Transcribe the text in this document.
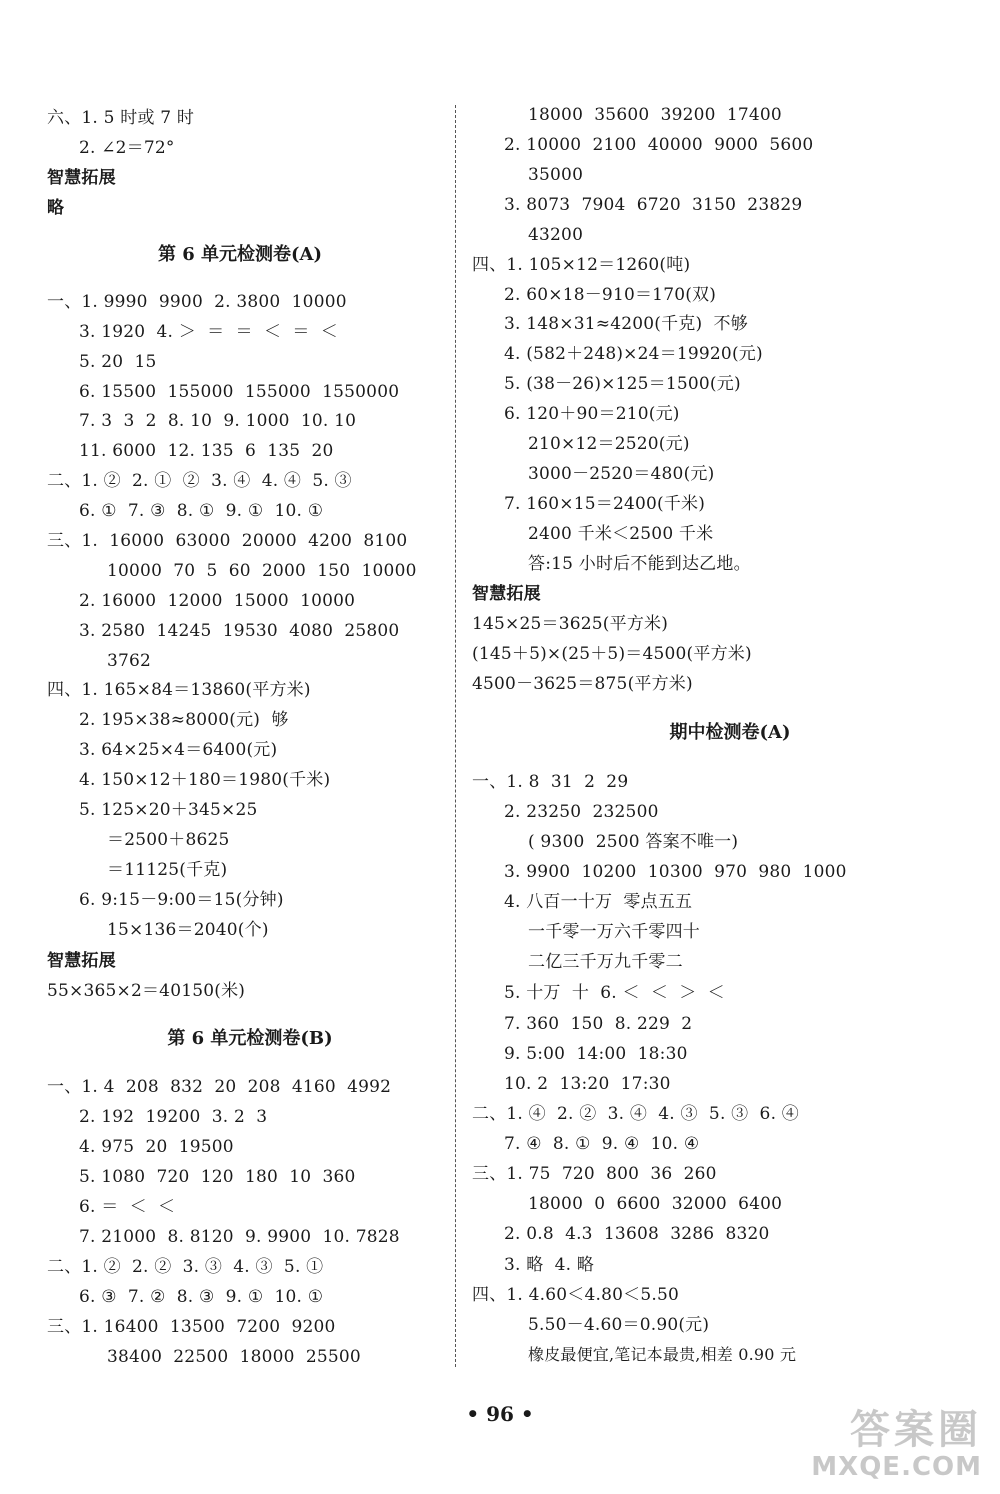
六、1. 5 时或 7 时
2. ∠2＝72°
智慧拓展
略
第 6 单元检测卷(A)
一、1. 9990  9900  2. 3800  10000
3. 1920  4. ＞  ＝  ＝  ＜  ＝  ＜
5. 20  15
6. 15500  155000  155000  1550000
7. 3  3  2  8. 10  9. 1000  10. 10
11. 6000  12. 135  6  135  20
二、1. ②  2. ①  ②  3. ④  4. ④  5. ③
6. ①  7. ③  8. ①  9. ①  10. ①
三、1.  16000  63000  20000  4200  8100
10000  70  5  60  2000  150  10000
2. 16000  12000  15000  10000
3. 2580  14245  19530  4080  25800
3762
四、1. 165×84＝13860(平方米)
2. 195×38≈8000(元)  够
3. 64×25×4＝6400(元)
4. 150×12＋180＝1980(千米)
5. 125×20＋345×25
＝2500＋8625
＝11125(千克)
6. 9:15－9:00＝15(分钟)
15×136＝2040(个)
智慧拓展
55×365×2＝40150(米)
第 6 单元检测卷(B)
一、1. 4  208  832  20  208  4160  4992
2. 192  19200  3. 2  3
4. 975  20  19500
5. 1080  720  120  180  10  360
6. ＝  ＜  ＜
7. 21000  8. 8120  9. 9900  10. 7828
二、1. ②  2. ②  3. ③  4. ③  5. ①
6. ③  7. ②  8. ③  9. ①  10. ①
三、1. 16400  13500  7200  9200
38400  22500  18000  25500
18000  35600  39200  17400
2. 10000  2100  40000  9000  5600
35000
3. 8073  7904  6720  3150  23829
43200
四、1. 105×12＝1260(吨)
2. 60×18－910＝170(双)
3. 148×31≈4200(千克)  不够
4. (582＋248)×24＝19920(元)
5. (38－26)×125＝1500(元)
6. 120＋90＝210(元)
210×12＝2520(元)
3000－2520＝480(元)
7. 160×15＝2400(千米)
2400 千米＜2500 千米
答:15 小时后不能到达乙地。
智慧拓展
145×25＝3625(平方米)
(145＋5)×(25＋5)＝4500(平方米)
4500－3625＝875(平方米)
期中检测卷(A)
一、1. 8  31  2  29
2. 23250  232500
( 9300  2500 答案不唯一)
3. 9900  10200  10300  970  980  1000
4. 八百一十万  零点五五
一千零一万六千零四十
二亿三千万九千零二
5. 十万  十  6. ＜  ＜  ＞  ＜
7. 360  150  8. 229  2
9. 5:00  14:00  18:30
10. 2  13:20  17:30
二、1. ④  2. ②  3. ④  4. ③  5. ③  6. ④
7. ④  8. ①  9. ④  10. ④
三、1. 75  720  800  36  260
18000  0  6600  32000  6400
2. 0.8  4.3  13608  3286  8320
3. 略  4. 略
四、1. 4.60＜4.80＜5.50
5.50－4.60＝0.90(元)
橡皮最便宜,笔记本最贵,相差 0.90 元
• 96 •	答案圈
MXQE.COM
